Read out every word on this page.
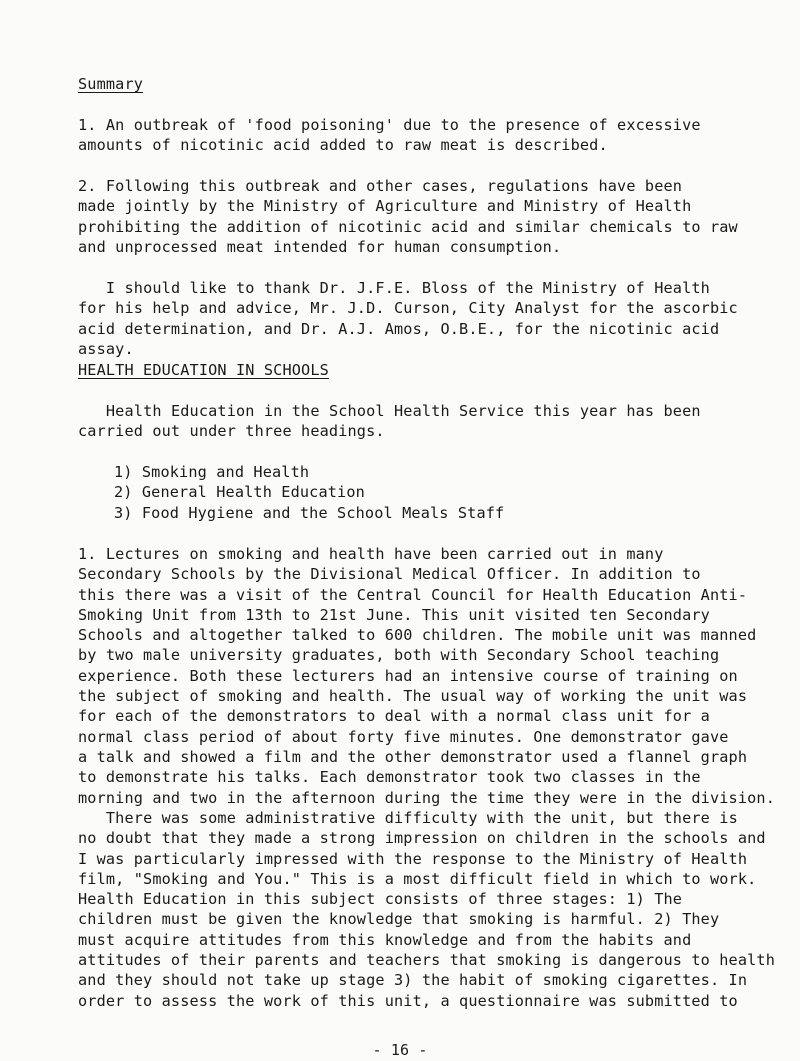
Summary

1. An outbreak of 'food poisoning' due to the presence of excessive
amounts of nicotinic acid added to raw meat is described.

2. Following this outbreak and other cases, regulations have been
made jointly by the Ministry of Agriculture and Ministry of Health
prohibiting the addition of nicotinic acid and similar chemicals to raw
and unprocessed meat intended for human consumption.

I should like to thank Dr. J.F.E. Bloss of the Ministry of Health
for his help and advice, Mr. J.D. Curson, City Analyst for the ascorbic
acid determination, and Dr. A.J. Amos, O.B.E., for the nicotinic acid
assay.

HEALTH EDUCATION IN SCHOOLS

Health Education in the School Health Service this year has been
carried out under three headings.

1) Smoking and Health

2) General Health Education

3) Food Hygiene and the School Meals Staff

1. Lectures on smoking and health have been carried out in many
Secondary Schools by the Divisional Medical Officer. In addition to
this there was a visit of the Central Council for Health Education Anti-
Smoking Unit from 13th to 21st June. This unit visited ten Secondary
Schools and altogether talked to 600 children. The mobile unit was manned
by two male university graduates, both with Secondary School teaching
experience. Both these lecturers had an intensive course of training on
the subject of smoking and health. The usual way of working the unit was
for each of the demonstrators to deal with a normal class unit for a
normal class period of about forty five minutes. One demonstrator gave
a talk and showed a film and the other demonstrator used a flannel graph
to demonstrate his talks. Each demonstrator took two classes in the
morning and two in the afternoon during the time they were in the division.

There was some administrative difficulty with the unit, but there is
no doubt that they made a strong impression on children in the schools and
I was particularly impressed with the response to the Ministry of Health
film, "Smoking and You." This is a most difficult field in which to work.
Health Education in this subject consists of three stages: 1) The
children must be given the knowledge that smoking is harmful. 2) They
must acquire attitudes from this knowledge and from the habits and
attitudes of their parents and teachers that smoking is dangerous to health
and they should not take up stage 3) the habit of smoking cigarettes. In
order to assess the work of this unit, a questionnaire was submitted to

- 16 -
